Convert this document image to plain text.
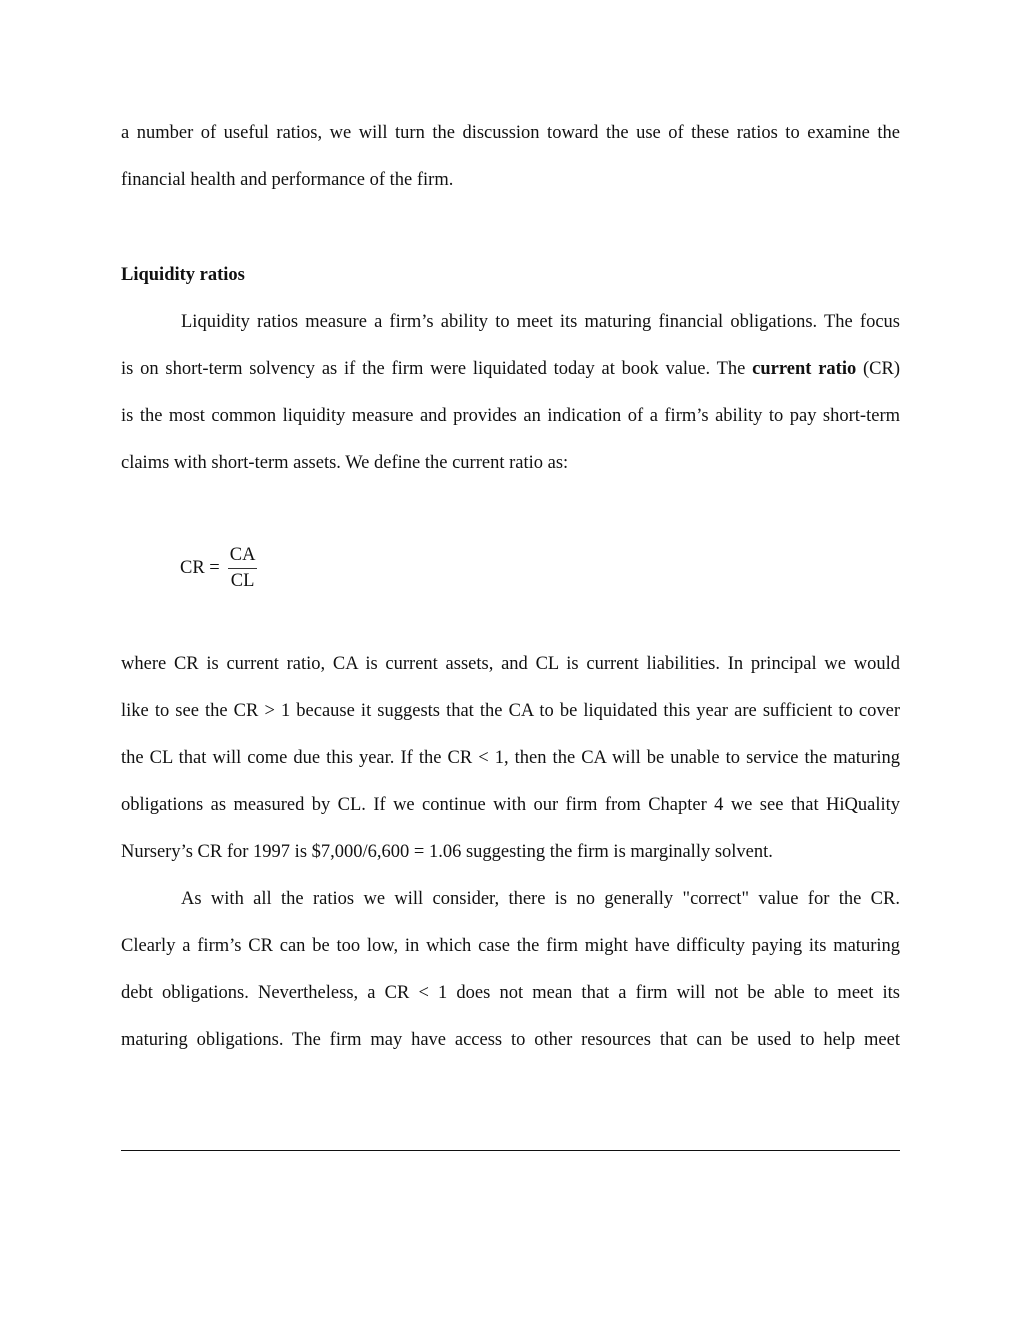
a number of useful ratios, we will turn the discussion toward the use of these ratios to examine the
financial health and performance of the firm.
Liquidity ratios
Liquidity ratios measure a firm’s ability to meet its maturing financial obligations. The focus
is on short-term solvency as if the firm were liquidated today at book value. The current ratio (CR)
is the most common liquidity measure and provides an indication of a firm’s ability to pay short-term
claims with short-term assets. We define the current ratio as:
CR = $\frac{CA}{CL}$
where CR is current ratio, CA is current assets, and CL is current liabilities. In principal we would
like to see the CR > 1 because it suggests that the CA to be liquidated this year are sufficient to cover
the CL that will come due this year. If the CR < 1, then the CA will be unable to service the maturing
obligations as measured by CL. If we continue with our firm from Chapter 4 we see that HiQuality
Nursery’s CR for 1997 is $7,000/6,600 = 1.06 suggesting the firm is marginally solvent.
As with all the ratios we will consider, there is no generally "correct" value for the CR.
Clearly a firm’s CR can be too low, in which case the firm might have difficulty paying its maturing
debt obligations. Nevertheless, a CR < 1 does not mean that a firm will not be able to meet its
maturing obligations. The firm may have access to other resources that can be used to help meet
